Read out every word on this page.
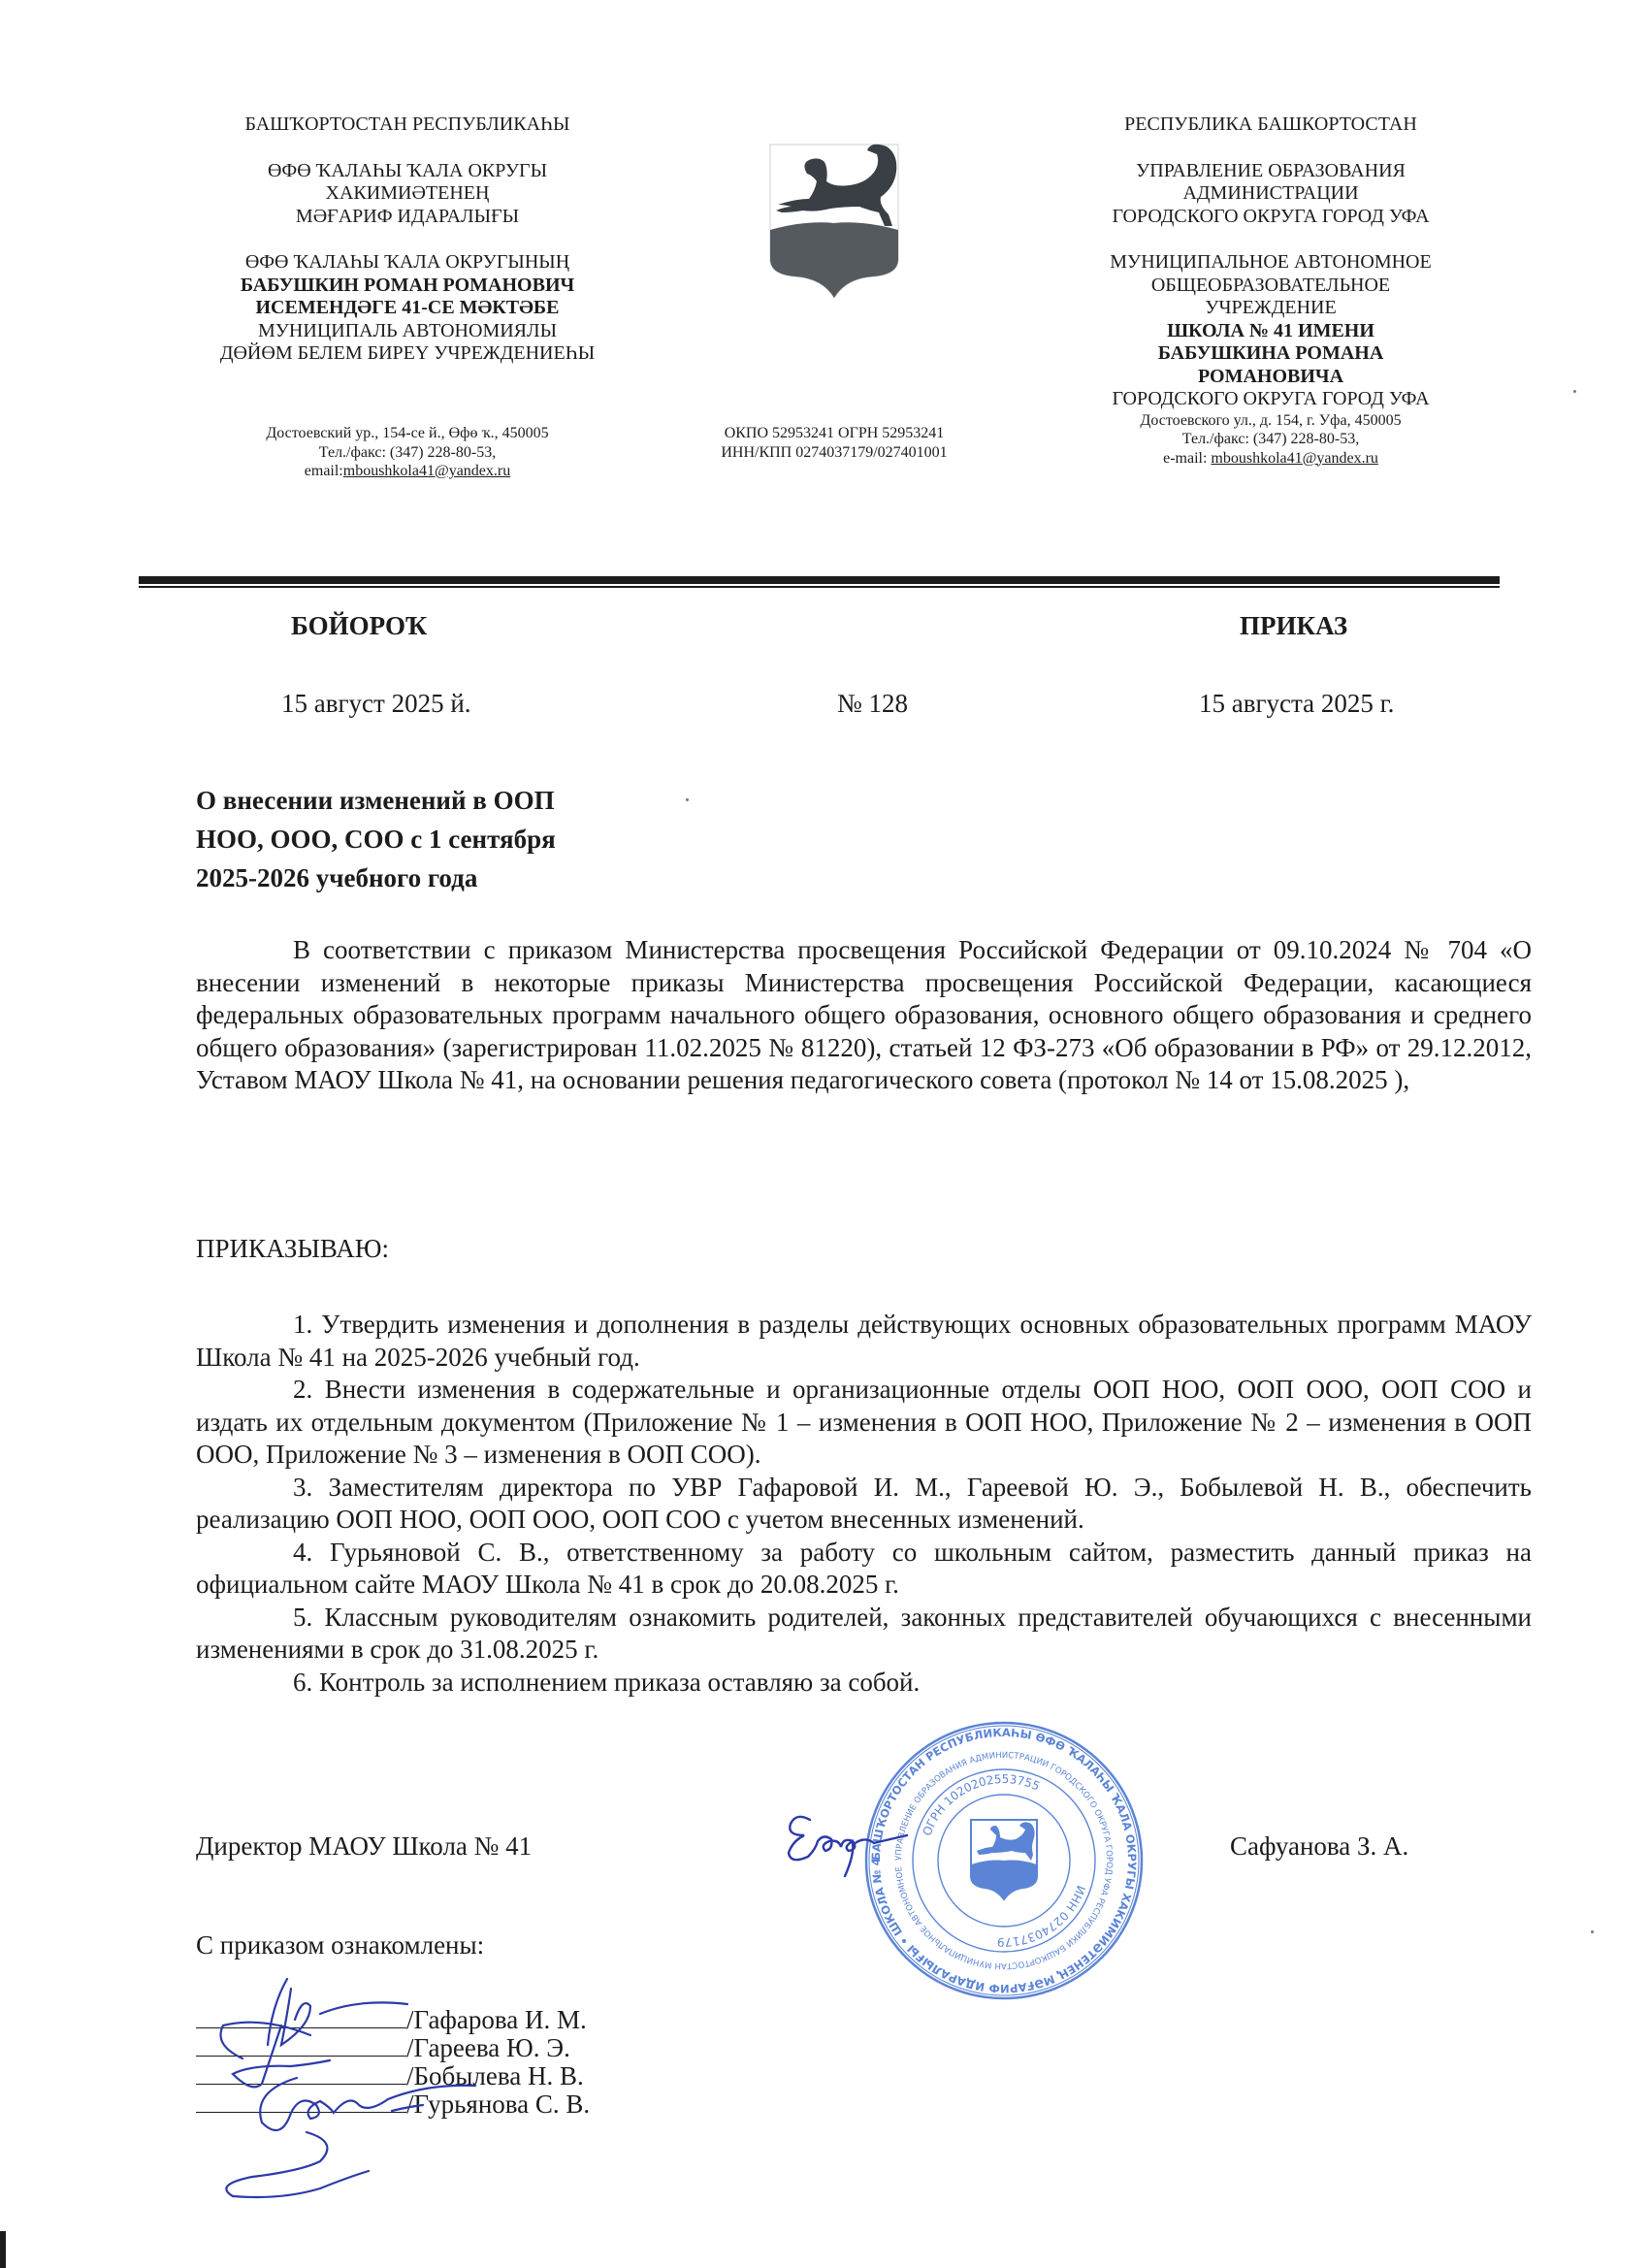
БАШҠОРТОСТАН РЕСПУБЛИКАҺЫ
ӨФӨ ҠАЛАҺЫ ҠАЛА ОКРУГЫ
ХАКИМИӘТЕНЕҢ
МӘҒАРИФ ИДАРАЛЫҒЫ
ӨФӨ ҠАЛАҺЫ ҠАЛА ОКРУГЫНЫҢ
БАБУШКИН РОМАН РОМАНОВИЧ
ИСЕМЕНДӘГЕ 41-СЕ МӘКТӘБЕ
МУНИЦИПАЛЬ АВТОНОМИЯЛЫ
ДӨЙӨМ БЕЛЕМ БИРЕҮ УЧРЕЖДЕНИЕҺЫ
Достоевский ур., 154-се й., Өфө ҡ., 450005
Тел./факс: (347) 228-80-53,
email:mboushkola41@yandex.ru
ОКПО 52953241 ОГРН 52953241
ИНН/КПП 0274037179/027401001
РЕСПУБЛИКА БАШКОРТОСТАН
УПРАВЛЕНИЕ ОБРАЗОВАНИЯ
АДМИНИСТРАЦИИ
ГОРОДСКОГО ОКРУГА ГОРОД УФА
МУНИЦИПАЛЬНОЕ АВТОНОМНОЕ
ОБЩЕОБРАЗОВАТЕЛЬНОЕ
УЧРЕЖДЕНИЕ
ШКОЛА № 41 ИМЕНИ
БАБУШКИНА РОМАНА
РОМАНОВИЧА
ГОРОДСКОГО ОКРУГА ГОРОД УФА
Достоевского ул., д. 154, г. Уфа, 450005
Тел./факс: (347) 228-80-53,
e-mail: mboushkola41@yandex.ru
БОЙОРОҠ	ПРИКАЗ
15 август 2025 й.	№ 128	15 августа 2025 г.
О внесении изменений в ООП
НОО, ООО, СОО с 1 сентября
2025-2026 учебного года

В соответствии с приказом Министерства просвещения Российской Федерации от 09.10.2024 № 704 «О внесении изменений в некоторые приказы Министерства просвещения Российской Федерации, касающиеся федеральных образовательных программ начального общего образования, основного общего образования и среднего общего образования» (зарегистрирован 11.02.2025 № 81220), статьей 12 ФЗ-273 «Об образовании в РФ» от 29.12.2012, Уставом МАОУ Школа № 41, на основании решения педагогического совета (протокол № 14 от 15.08.2025 ),

ПРИКАЗЫВАЮ:

1. Утвердить изменения и дополнения в разделы действующих основных образовательных программ МАОУ Школа № 41 на 2025-2026 учебный год.

2. Внести изменения в содержательные и организационные отделы ООП НОО, ООП ООО, ООП СОО и издать их отдельным документом (Приложение № 1 – изменения в ООП НОО, Приложение № 2 – изменения в ООП ООО, Приложение № 3 – изменения в ООП СОО).

3. Заместителям директора по УВР Гафаровой И. М., Гареевой Ю. Э., Бобылевой Н. В., обеспечить реализацию ООП НОО, ООП ООО, ООП СОО с учетом внесенных изменений.

4. Гурьяновой С. В., ответственному за работу со школьным сайтом, разместить данный приказ на официальном сайте МАОУ Школа № 41 в срок до 20.08.2025 г.

5. Классным руководителям ознакомить родителей, законных представителей обучающихся с внесенными изменениями в срок до 31.08.2025 г.

6. Контроль за исполнением приказа оставляю за собой.

Директор МАОУ Школа № 41	Сафуанова З. А.
БАШҠОРТОСТАН РЕСПУБЛИКАҺЫ ӨФӨ ҠАЛАҺЫ ҠАЛА ОКРУГЫ ХАКИМИӘТЕНЕҢ МӘҒАРИФ ИДАРАЛЫҒЫ • ШКОЛА № 4	УПРАВЛЕНИЕ ОБРАЗОВАНИЯ АДМИНИСТРАЦИИ ГОРОДСКОГО ОКРУГА ГОРОД УФА РЕСПУБЛИКИ БАШКОРТОСТАН МУНИЦИПАЛЬНОЕ АВТОНОМНОЕ
ОГРН 1020202553755
ИНН 0274037179
С приказом ознакомлены:
/Гафарова И. М.
/Гареева Ю. Э.
/Бобылева Н. В.
/Гурьянова С. В.
